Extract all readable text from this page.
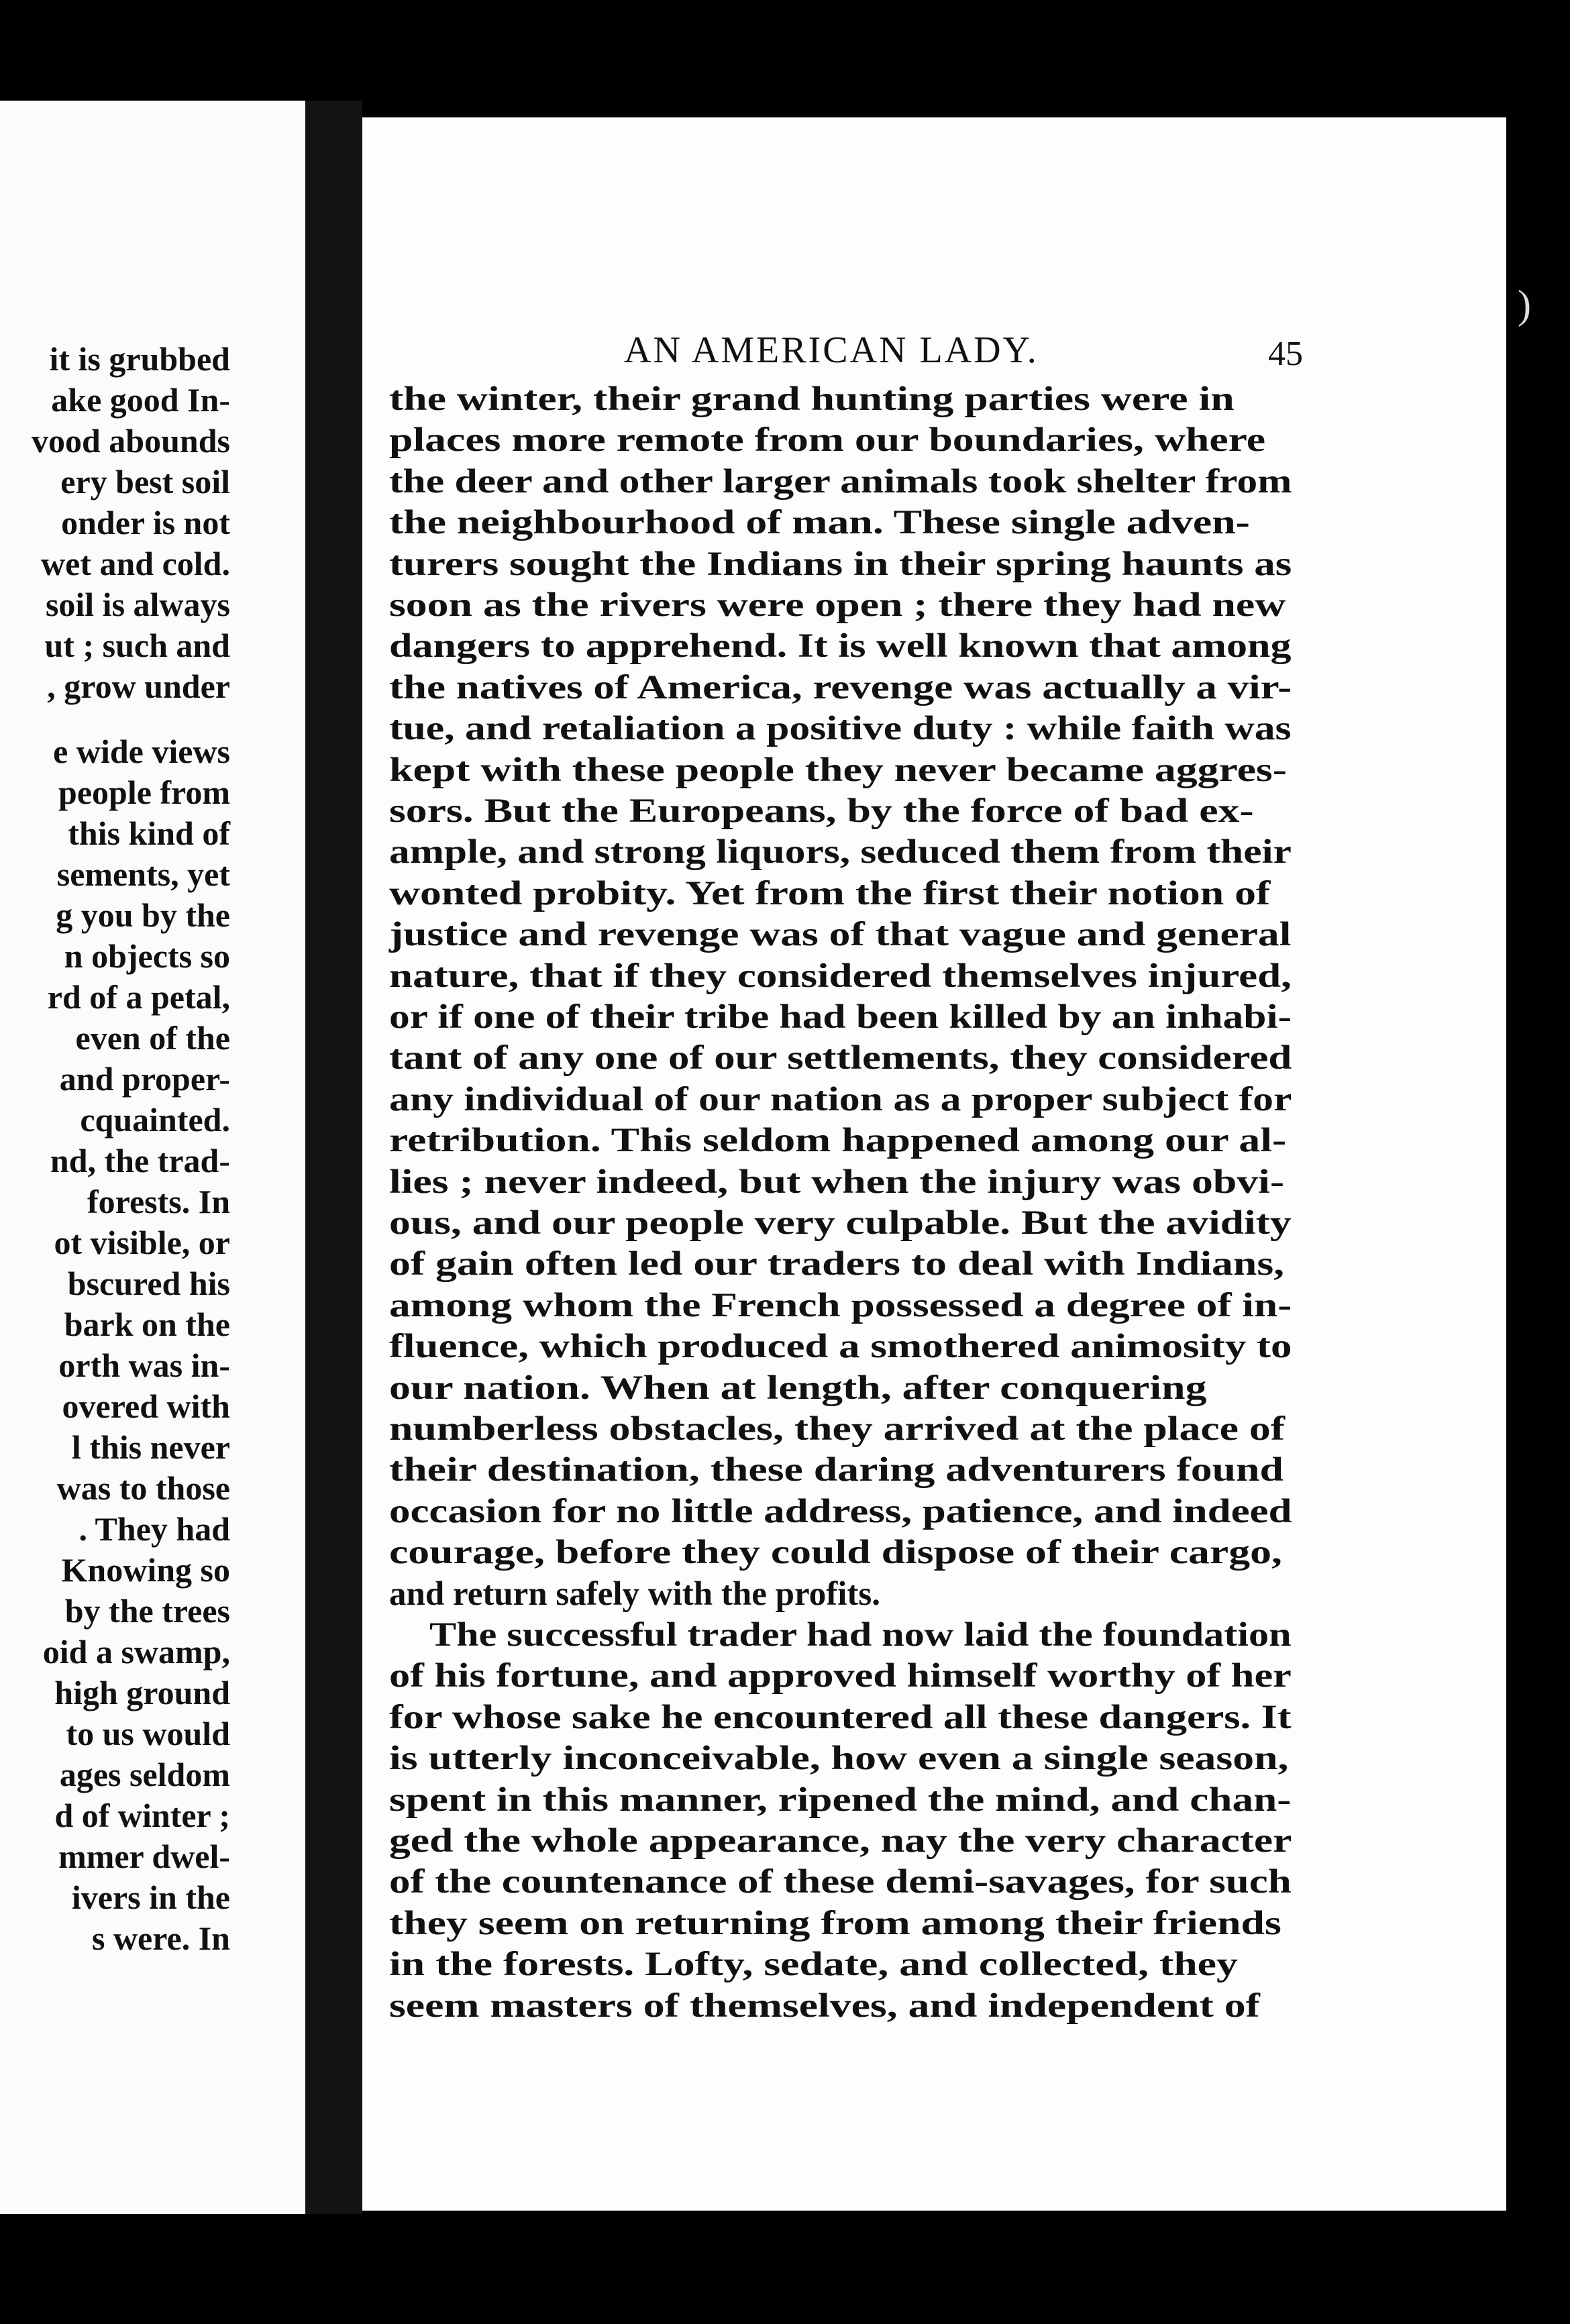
it is grubbed
ake good In-
vood abounds
ery best soil
onder is not
wet and cold.
soil is always
ut ; such and
, grow under
e wide views
people from
this kind of
sements, yet
g you by the
n objects so
rd of a petal,
even of the
and proper-
cquainted.
nd, the trad-
forests. In
ot visible, or
bscured his
bark on the
orth was in-
overed with
l this never
was to those
. They had
Knowing so
by the trees
oid a swamp,
high ground
to us would
ages seldom
d of winter ;
mmer dwel-
ivers in the
s were. In
AN AMERICAN LADY.	45
the winter, their grand hunting parties were in
places more remote from our boundaries, where
the deer and other larger animals took shelter from
the neighbourhood of man. These single adven-
turers sought the Indians in their spring haunts as
soon as the rivers were open ; there they had new
dangers to apprehend. It is well known that among
the natives of America, revenge was actually a vir-
tue, and retaliation a positive duty : while faith was
kept with these people they never became aggres-
sors. But the Europeans, by the force of bad ex-
ample, and strong liquors, seduced them from their
wonted probity. Yet from the first their notion of
justice and revenge was of that vague and general
nature, that if they considered themselves injured,
or if one of their tribe had been killed by an inhabi-
tant of any one of our settlements, they considered
any individual of our nation as a proper subject for
retribution. This seldom happened among our al-
lies ; never indeed, but when the injury was obvi-
ous, and our people very culpable. But the avidity
of gain often led our traders to deal with Indians,
among whom the French possessed a degree of in-
fluence, which produced a smothered animosity to
our nation. When at length, after conquering
numberless obstacles, they arrived at the place of
their destination, these daring adventurers found
occasion for no little address, patience, and indeed
courage, before they could dispose of their cargo,
and return safely with the profits.
The successful trader had now laid the foundation
of his fortune, and approved himself worthy of her
for whose sake he encountered all these dangers. It
is utterly inconceivable, how even a single season,
spent in this manner, ripened the mind, and chan-
ged the whole appearance, nay the very character
of the countenance of these demi-savages, for such
they seem on returning from among their friends
in the forests. Lofty, sedate, and collected, they
seem masters of themselves, and independent of
)
